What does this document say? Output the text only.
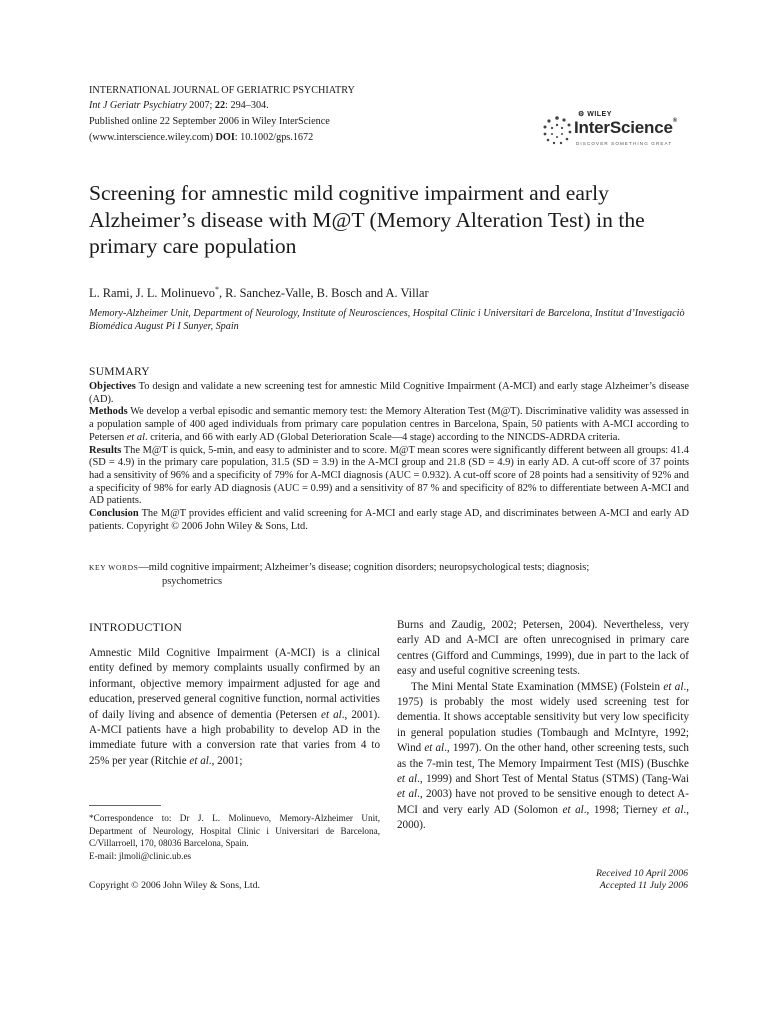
INTERNATIONAL JOURNAL OF GERIATRIC PSYCHIATRY
Int J Geriatr Psychiatry 2007; 22: 294–304.
Published online 22 September 2006 in Wiley InterScience
(www.interscience.wiley.com) DOI: 10.1002/gps.1672
⚙ WILEY
InterScience®
DISCOVER SOMETHING GREAT
Screening for amnestic mild cognitive impairment and early Alzheimer’s disease with M@T (Memory Alteration Test) in the primary care population
L. Rami, J. L. Molinuevo*, R. Sanchez-Valle, B. Bosch and A. Villar
Memory-Alzheimer Unit, Department of Neurology, Institute of Neurosciences, Hospital Clinic i Universitari de Barcelona, Institut d’Investigaciò Biomédica August Pi I Sunyer, Spain
SUMMARY

Objectives To design and validate a new screening test for amnestic Mild Cognitive Impairment (A-MCI) and early stage Alzheimer’s disease (AD).

Methods We develop a verbal episodic and semantic memory test: the Memory Alteration Test (M@T). Discriminative validity was assessed in a population sample of 400 aged individuals from primary care population centres in Barcelona, Spain, 50 patients with A-MCI according to Petersen et al. criteria, and 66 with early AD (Global Deterioration Scale—4 stage) according to the NINCDS-ADRDA criteria.

Results The M@T is quick, 5-min, and easy to administer and to score. M@T mean scores were significantly different between all groups: 41.4 (SD = 4.9) in the primary care population, 31.5 (SD = 3.9) in the A-MCI group and 21.8 (SD = 4.9) in early AD. A cut-off score of 37 points had a sensitivity of 96% and a specificity of 79% for A-MCI diagnosis (AUC = 0.932). A cut-off score of 28 points had a sensitivity of 92% and a specificity of 98% for early AD diagnosis (AUC = 0.99) and a sensitivity of 87 % and specificity of 82% to differentiate between A-MCI and AD patients.

Conclusion The M@T provides efficient and valid screening for A-MCI and early stage AD, and discriminates between A-MCI and early AD patients. Copyright © 2006 John Wiley & Sons, Ltd.

KEY WORDS—mild cognitive impairment; Alzheimer’s disease; cognition disorders; neuropsychological tests; diagnosis;
psychometrics
INTRODUCTION

Amnestic Mild Cognitive Impairment (A-MCI) is a clinical entity defined by memory complaints usually confirmed by an informant, objective memory impairment adjusted for age and education, preserved general cognitive function, normal activities of daily living and absence of dementia (Petersen et al., 2001). A-MCI patients have a high probability to develop AD in the immediate future with a conversion rate that varies from 4 to 25% per year (Ritchie et al., 2001;

Burns and Zaudig, 2002; Petersen, 2004). Nevertheless, very early AD and A-MCI are often unrecognised in primary care centres (Gifford and Cummings, 1999), due in part to the lack of easy and useful cognitive screening tests.

The Mini Mental State Examination (MMSE) (Folstein et al., 1975) is probably the most widely used screening test for dementia. It shows acceptable sensitivity but very low specificity in general population studies (Tombaugh and McIntyre, 1992; Wind et al., 1997). On the other hand, other screening tests, such as the 7-min test, The Memory Impairment Test (MIS) (Buschke et al., 1999) and Short Test of Mental Status (STMS) (Tang-Wai et al., 2003) have not proved to be sensitive enough to detect A-MCI and very early AD (Solomon et al., 1998; Tierney et al., 2000).

*Correspondence to: Dr J. L. Molinuevo, Memory-Alzheimer Unit, Department of Neurology, Hospital Clinic i Universitari de Barcelona, C/Villarroell, 170, 08036 Barcelona, Spain.

E-mail: jlmoli@clinic.ub.es

Copyright © 2006 John Wiley & Sons, Ltd.
Received 10 April 2006
Accepted 11 July 2006
